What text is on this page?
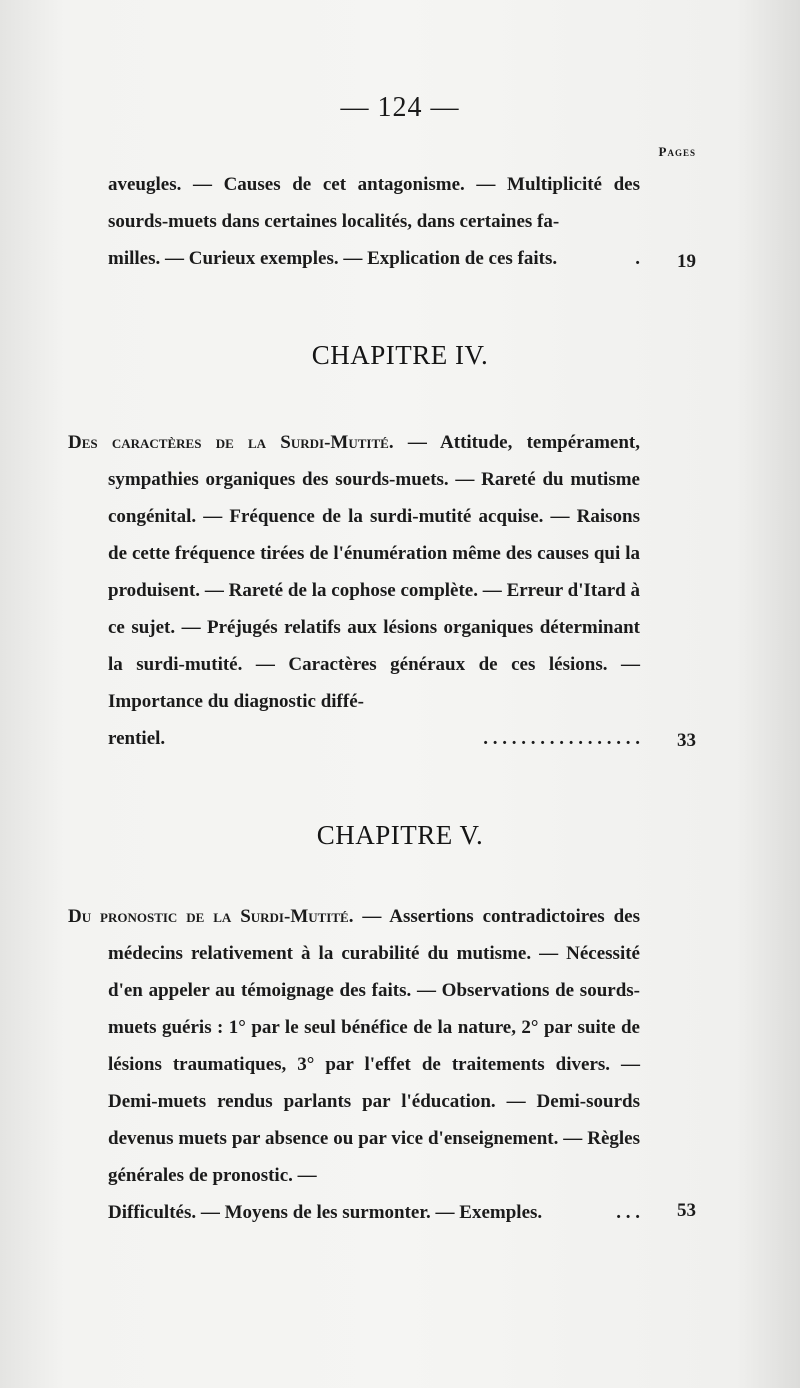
— 124 —
Pages

aveugles. — Causes de cet antagonisme. — Multiplicité des sourds-muets dans certaines localités, dans certaines fa-

milles. — Curieux exemples. — Explication de ces faits.	. 19
CHAPITRE IV.

Des caractères de la Surdi-Mutité. — Attitude, tempérament, sympathies organiques des sourds-muets. — Rareté du mutisme congénital. — Fréquence de la surdi-mutité acquise. — Raisons de cette fréquence tirées de l'énumération même des causes qui la produisent. — Rareté de la cophose complète. — Erreur d'Itard à ce sujet. — Préjugés relatifs aux lésions organiques déterminant la surdi-mutité. — Caractères généraux de ces lésions. — Importance du diagnostic diffé-

rentiel.	. . . . . . . . . . . . . . . . . 33
CHAPITRE V.

Du pronostic de la Surdi-Mutité. — Assertions contradictoires des médecins relativement à la curabilité du mutisme. — Nécessité d'en appeler au témoignage des faits. — Observations de sourds-muets guéris : 1° par le seul bénéfice de la nature, 2° par suite de lésions traumatiques, 3° par l'effet de traitements divers. — Demi-muets rendus parlants par l'éducation. — Demi-sourds devenus muets par absence ou par vice d'enseignement. — Règles générales de pronostic. —

Difficultés. — Moyens de les surmonter. — Exemples.	. . . 53
